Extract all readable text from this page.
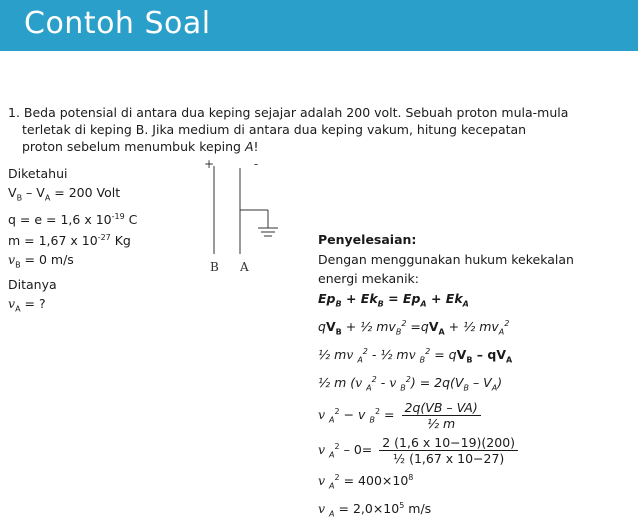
Contoh Soal
1. Beda potensial di antara dua keping sejajar adalah 200 volt. Sebuah proton mula-mula
terletak di keping B. Jika medium di antara dua keping vakum, hitung kecepatan
proton sebelum menumbuk keping A!
Diketahui
$V_B - V_A = 200$ Volt
q = e = 1,6 x $10^{-19}$ C
m = 1,67 x $10^{-27}$ Kg
$v_B = 0$ m/s
Ditanya
$v_A$ = ?
+	-
B A
Penyelesaian:
Dengan menggunakan hukum kekekalan
energi mekanik:
$Ep_B + Ek_B = Ep_A + Ek_A$
$qV_B$ + ½ $mv_B^2 =qV_A$ + ½ $mv_A^2$
½ mv $_A^2$ - ½ mv $_B^2 = qV_B - qV_A$
½ m (v $_A^2$ - v $_B^2) = 2q(V_B - V_A)$
v $_A^2$ − v $_B^2 = \frac{2q(VB - VA)}{\text{½ m}}$
v $_A^2 - 0= \frac{2 (1,6 x 10-19)(200)}{\text{½ (1,67 x 10−27)}}$
v $_A^2 = 400\times 10^8$
v $_A = 2,0\times 10^5$ m/s
